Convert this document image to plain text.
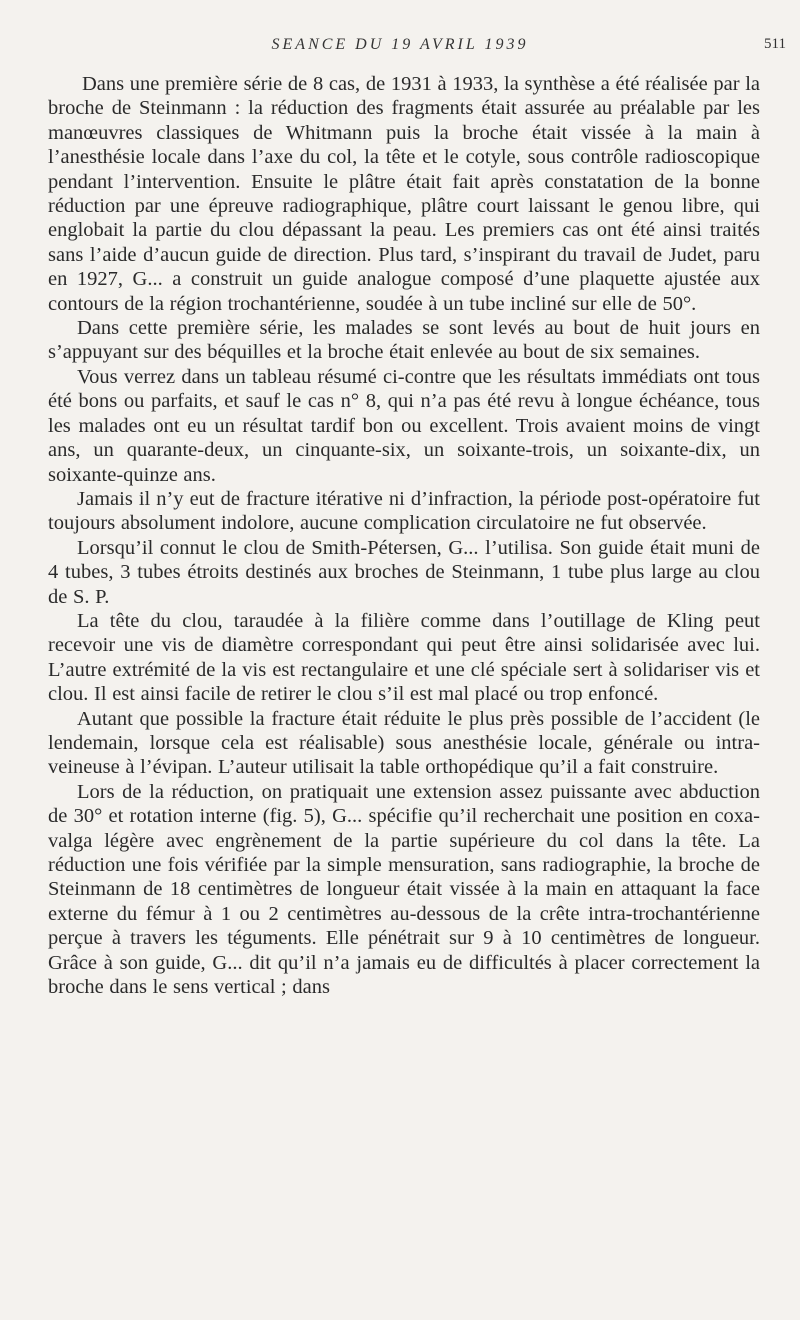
SEANCE DU 19 AVRIL 1939	511

Dans une première série de 8 cas, de 1931 à 1933, la synthèse a été réalisée par la broche de Steinmann : la réduction des fragments était assurée au préalable par les manœuvres classiques de Whitmann puis la broche était vissée à la main à l’anesthésie locale dans l’axe du col, la tête et le cotyle, sous contrôle radioscopique pendant l’intervention. Ensuite le plâtre était fait après constatation de la bonne réduction par une épreuve radiographique, plâtre court laissant le genou libre, qui englobait la partie du clou dépassant la peau. Les premiers cas ont été ainsi traités sans l’aide d’aucun guide de direction. Plus tard, s’inspirant du travail de Judet, paru en 1927, G... a construit un guide analogue composé d’une plaquette ajustée aux contours de la région trochantérienne, soudée à un tube incliné sur elle de 50°.

Dans cette première série, les malades se sont levés au bout de huit jours en s’appuyant sur des béquilles et la broche était enlevée au bout de six semaines.

Vous verrez dans un tableau résumé ci-contre que les résultats immédiats ont tous été bons ou parfaits, et sauf le cas n° 8, qui n’a pas été revu à longue échéance, tous les malades ont eu un résultat tardif bon ou excellent. Trois avaient moins de vingt ans, un quarante-deux, un cinquante-six, un soixante-trois, un soixante-dix, un soixante-quinze ans.

Jamais il n’y eut de fracture itérative ni d’infraction, la période post-opératoire fut toujours absolument indolore, aucune complication circulatoire ne fut observée.

Lorsqu’il connut le clou de Smith-Pétersen, G... l’utilisa. Son guide était muni de 4 tubes, 3 tubes étroits destinés aux broches de Steinmann, 1 tube plus large au clou de S. P.

La tête du clou, taraudée à la filière comme dans l’outillage de Kling peut recevoir une vis de diamètre correspondant qui peut être ainsi solidarisée avec lui. L’autre extrémité de la vis est rectangulaire et une clé spéciale sert à solidariser vis et clou. Il est ainsi facile de retirer le clou s’il est mal placé ou trop enfoncé.

Autant que possible la fracture était réduite le plus près possible de l’accident (le lendemain, lorsque cela est réalisable) sous anesthésie locale, générale ou intra-veineuse à l’évipan. L’auteur utilisait la table orthopédique qu’il a fait construire.

Lors de la réduction, on pratiquait une extension assez puissante avec abduction de 30° et rotation interne (fig. 5), G... spécifie qu’il recherchait une position en coxa-valga légère avec engrènement de la partie supérieure du col dans la tête. La réduction une fois vérifiée par la simple mensuration, sans radiographie, la broche de Steinmann de 18 centimètres de longueur était vissée à la main en attaquant la face externe du fémur à 1 ou 2 centimètres au-dessous de la crête intra-trochantérienne perçue à travers les téguments. Elle pénétrait sur 9 à 10 centimètres de longueur. Grâce à son guide, G... dit qu’il n’a jamais eu de difficultés à placer correctement la broche dans le sens vertical ; dans
